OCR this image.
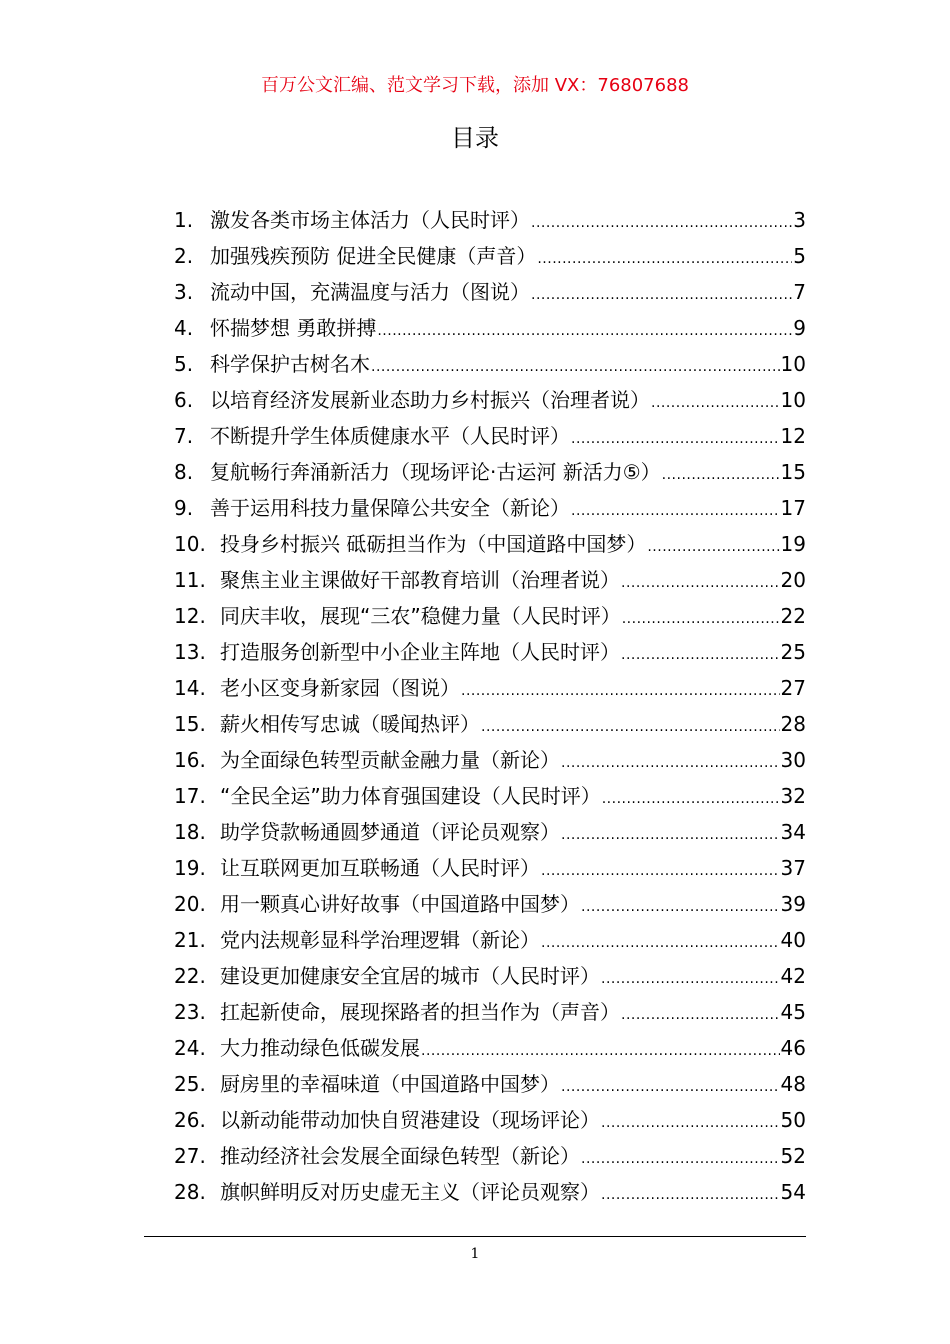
百万公文汇编、范文学习下载，添加 VX：76807688
目录
1. 激发各类市场主体活力（人民时评） .....	3
2. 加强残疾预防 促进全民健康（声音） .....	5
3. 流动中国，充满温度与活力（图说） .....	7
4. 怀揣梦想 勇敢拼搏 .....	9
5. 科学保护古树名木 .....	10
6. 以培育经济发展新业态助力乡村振兴（治理者说） .....	10
7. 不断提升学生体质健康水平（人民时评） .....	12
8. 复航畅行奔涌新活力（现场评论·古运河 新活力⑤） .....	15
9. 善于运用科技力量保障公共安全（新论） .....	17
10. 投身乡村振兴 砥砺担当作为（中国道路中国梦） .....	19
11. 聚焦主业主课做好干部教育培训（治理者说） .....	20
12. 同庆丰收，展现“三农”稳健力量（人民时评） .....	22
13. 打造服务创新型中小企业主阵地（人民时评） .....	25
14. 老小区变身新家园（图说） .....	27
15. 薪火相传写忠诚（暖闻热评） .....	28
16. 为全面绿色转型贡献金融力量（新论） .....	30
17. “全民全运”助力体育强国建设（人民时评） .....	32
18. 助学贷款畅通圆梦通道（评论员观察） .....	34
19. 让互联网更加互联畅通（人民时评） .....	37
20. 用一颗真心讲好故事（中国道路中国梦） .....	39
21. 党内法规彰显科学治理逻辑（新论） .....	40
22. 建设更加健康安全宜居的城市（人民时评） .....	42
23. 扛起新使命，展现探路者的担当作为（声音） .....	45
24. 大力推动绿色低碳发展 .....	46
25. 厨房里的幸福味道（中国道路中国梦） .....	48
26. 以新动能带动加快自贸港建设（现场评论） .....	50
27. 推动经济社会发展全面绿色转型（新论） .....	52
28. 旗帜鲜明反对历史虚无主义（评论员观察） .....	54
1
